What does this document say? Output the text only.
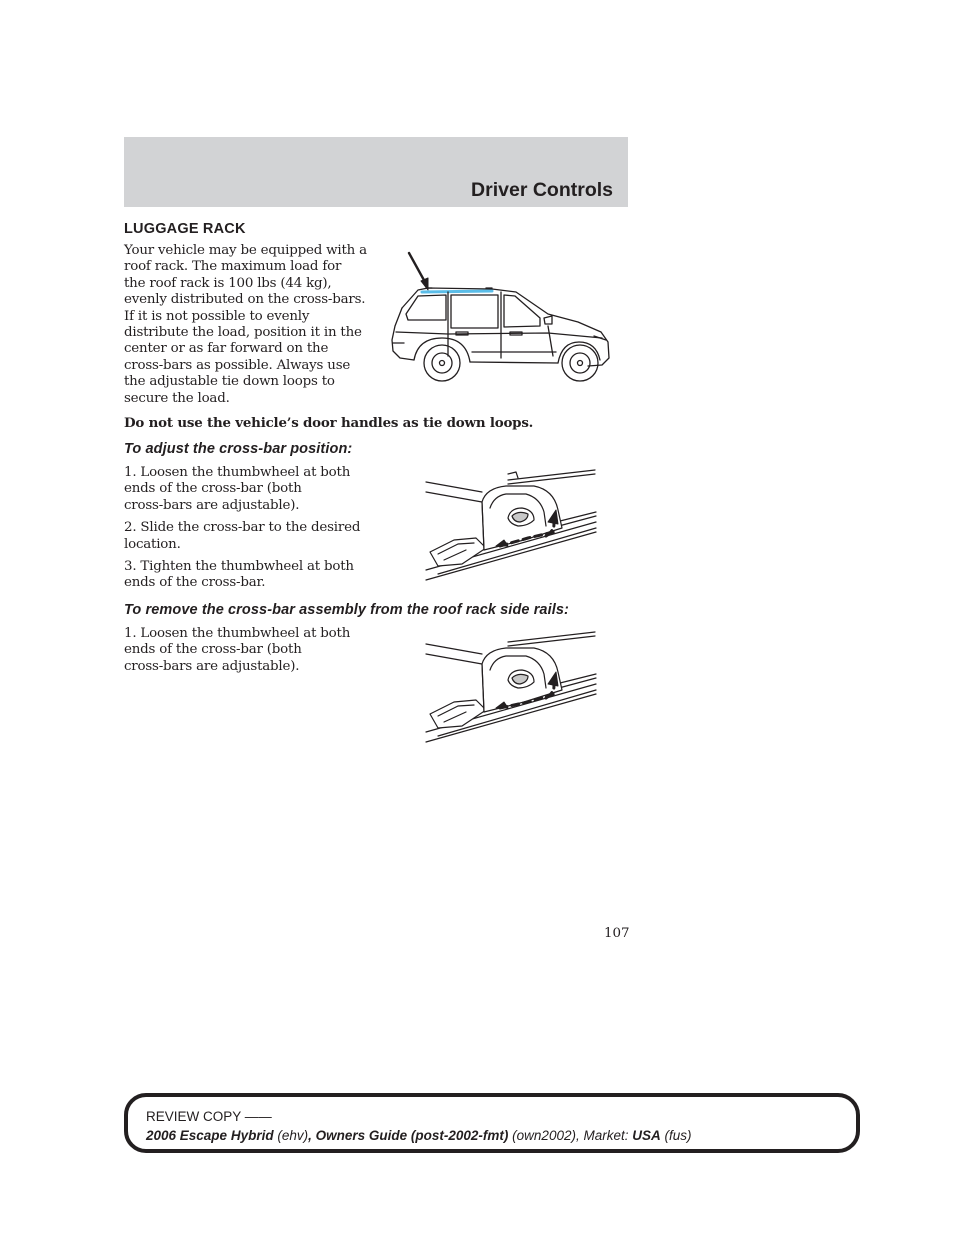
Driver Controls
LUGGAGE RACK
Your vehicle may be equipped with a
roof rack. The maximum load for
the roof rack is 100 lbs (44 kg),
evenly distributed on the cross-bars.
If it is not possible to evenly
distribute the load, position it in the
center or as far forward on the
cross-bars as possible. Always use
the adjustable tie down loops to
secure the load.
Do not use the vehicle’s door handles as tie down loops.
To adjust the cross-bar position:
1. Loosen the thumbwheel at both
ends of the cross-bar (both
cross-bars are adjustable).
2. Slide the cross-bar to the desired
location.
3. Tighten the thumbwheel at both
ends of the cross-bar.
To remove the cross-bar assembly from the roof rack side rails:
1. Loosen the thumbwheel at both
ends of the cross-bar (both
cross-bars are adjustable).
107
REVIEW COPY ——
2006 Escape Hybrid (ehv), Owners Guide (post-2002-fmt) (own2002), Market: USA (fus)
